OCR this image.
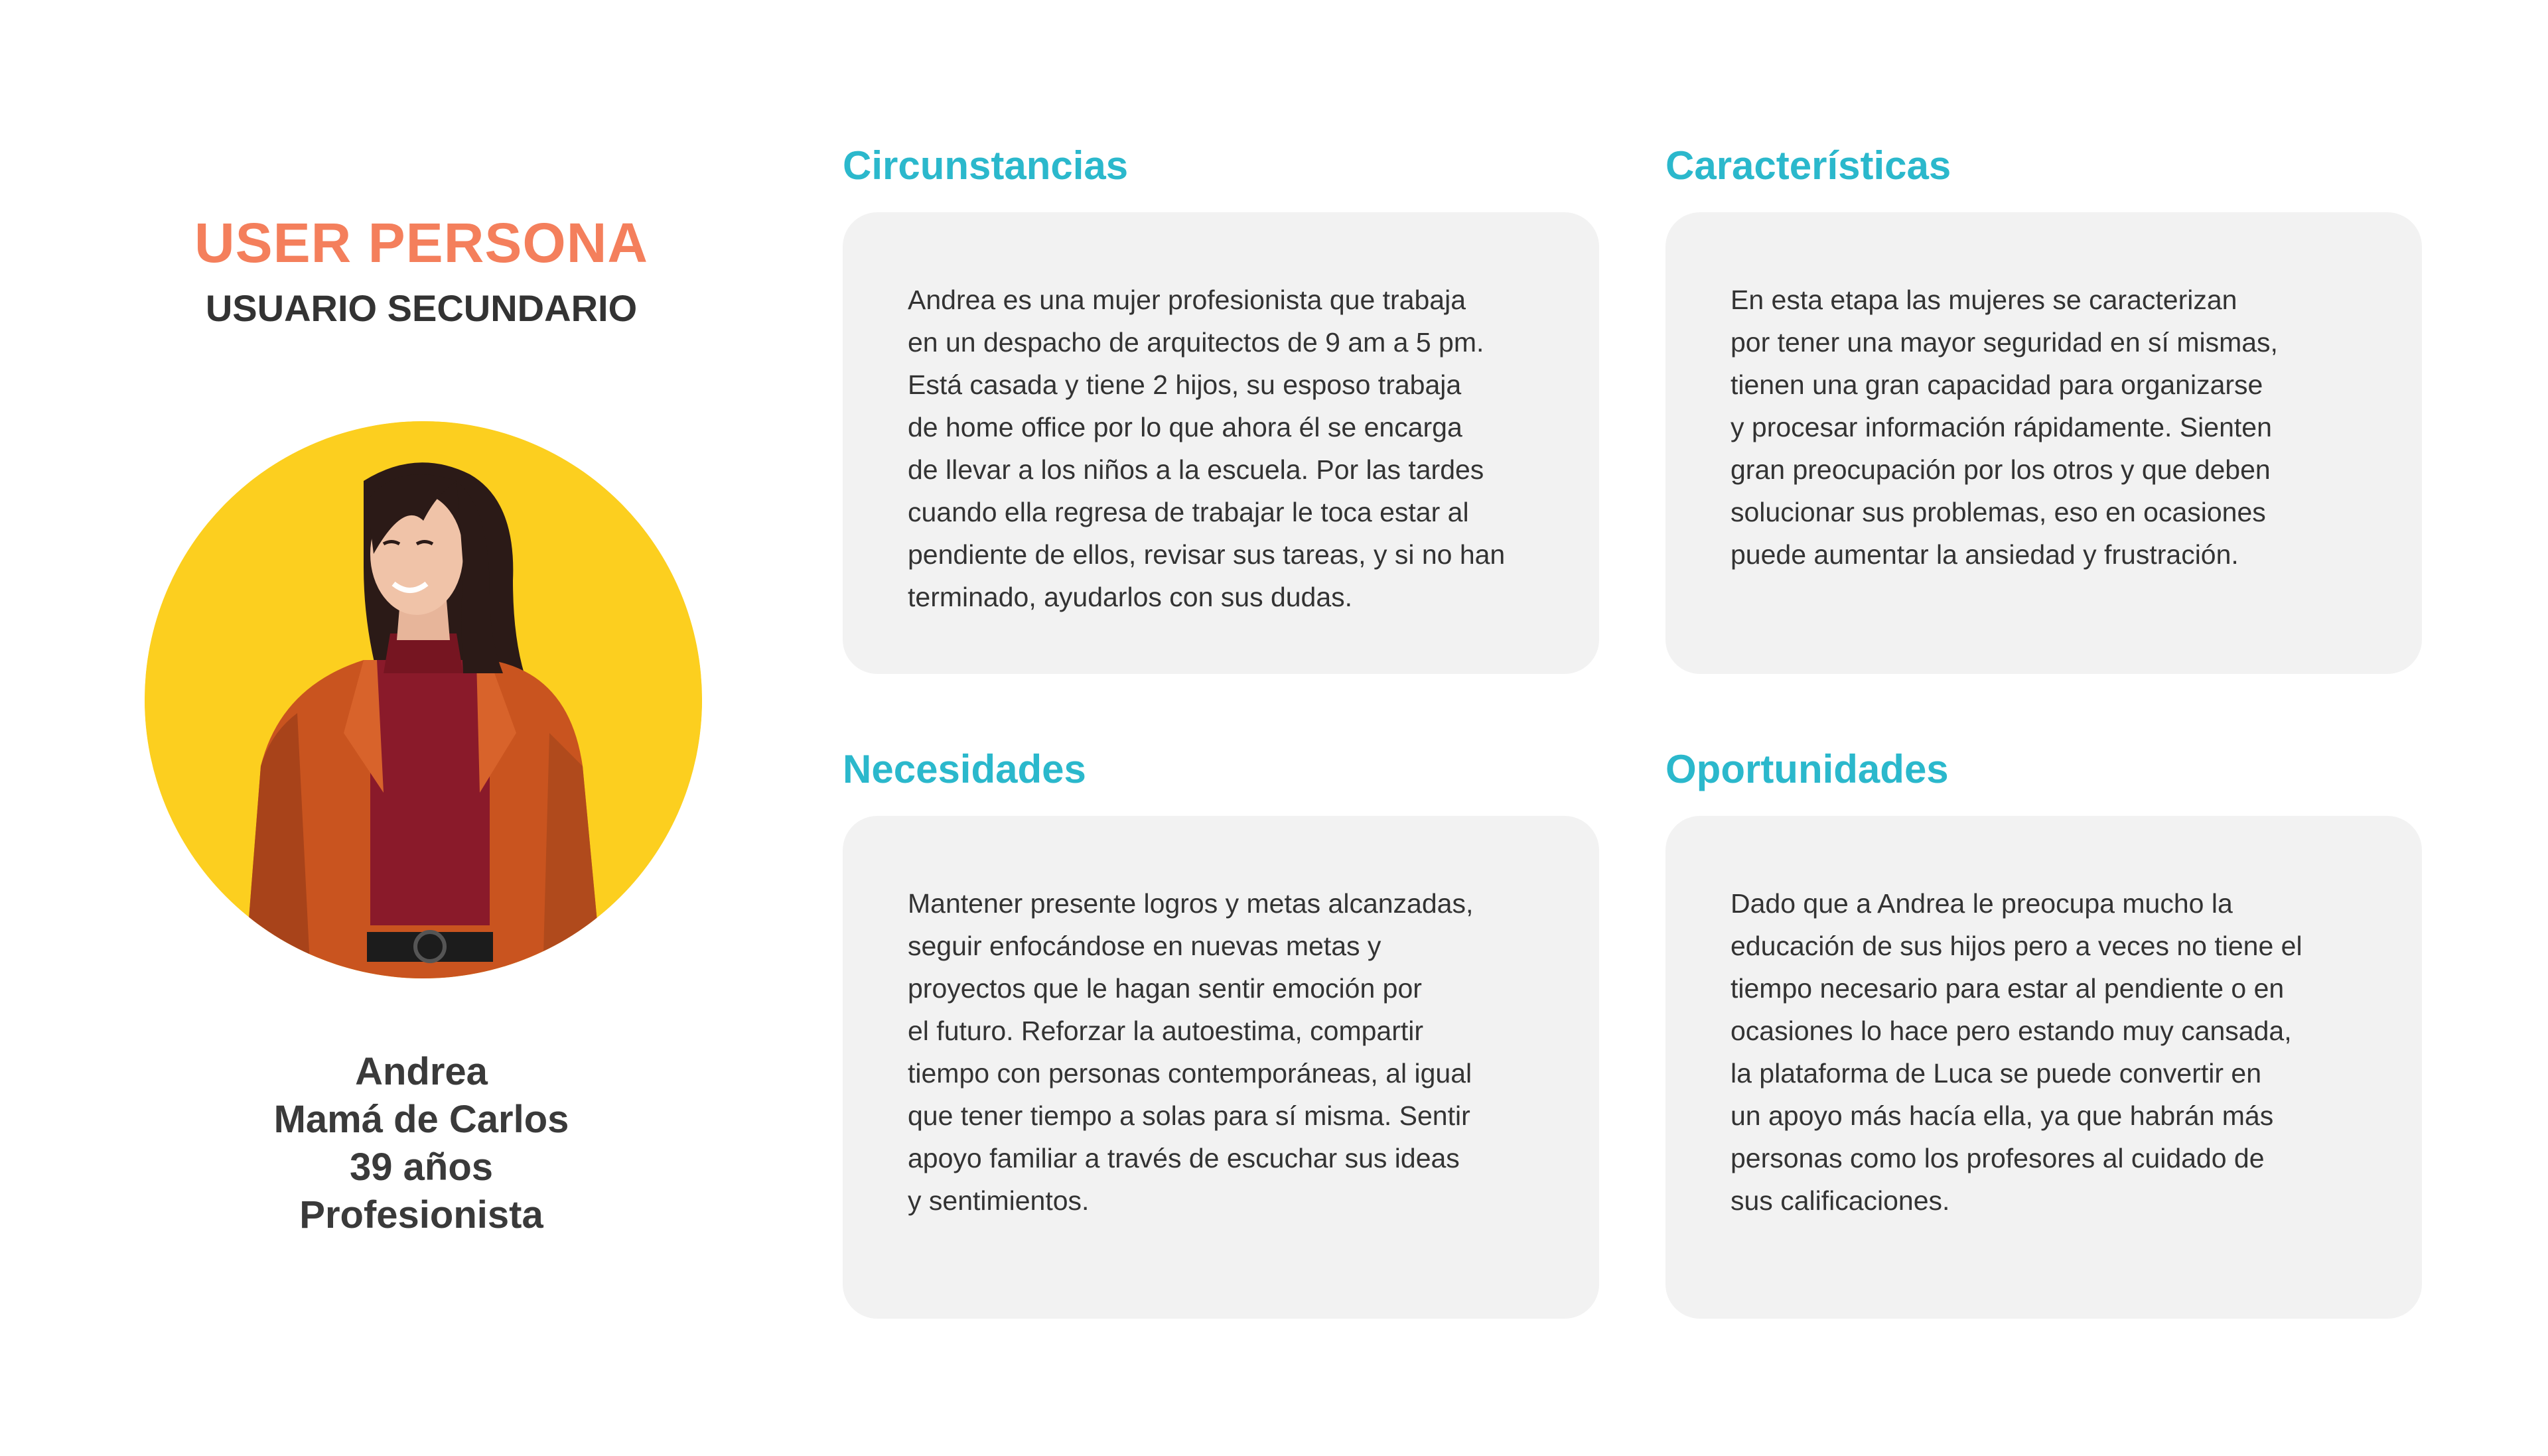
USER PERSONA
USUARIO SECUNDARIO
Andrea
Mamá de Carlos
39 años
Profesionista
Circunstancias
Andrea es una mujer profesionista que trabaja
en un despacho de arquitectos de 9 am a 5 pm.
Está casada y tiene 2 hijos, su esposo trabaja
de home office por lo que ahora él se encarga
de llevar a los niños a la escuela. Por las tardes
cuando ella regresa de trabajar le toca estar al
pendiente de ellos, revisar sus tareas, y si no han
terminado, ayudarlos con sus dudas.
Características
En esta etapa las mujeres se caracterizan
por tener una mayor seguridad en sí mismas,
tienen una gran capacidad para organizarse
y procesar información rápidamente. Sienten
gran preocupación por los otros y que deben
solucionar sus problemas, eso en ocasiones
puede aumentar la ansiedad y frustración.
Necesidades
Mantener presente logros y metas alcanzadas,
seguir enfocándose en nuevas metas y
proyectos que le hagan sentir emoción por
el futuro. Reforzar la autoestima, compartir
tiempo con personas contemporáneas, al igual
que tener tiempo a solas para sí misma. Sentir
apoyo familiar a través de escuchar sus ideas
y sentimientos.
Oportunidades
Dado que a Andrea le preocupa mucho la
educación de sus hijos pero a veces no tiene el
tiempo necesario para estar al pendiente o en
ocasiones lo hace pero estando muy cansada,
la plataforma de Luca se puede convertir en
un apoyo más hacía ella, ya que habrán más
personas como los profesores al cuidado de
sus calificaciones.
